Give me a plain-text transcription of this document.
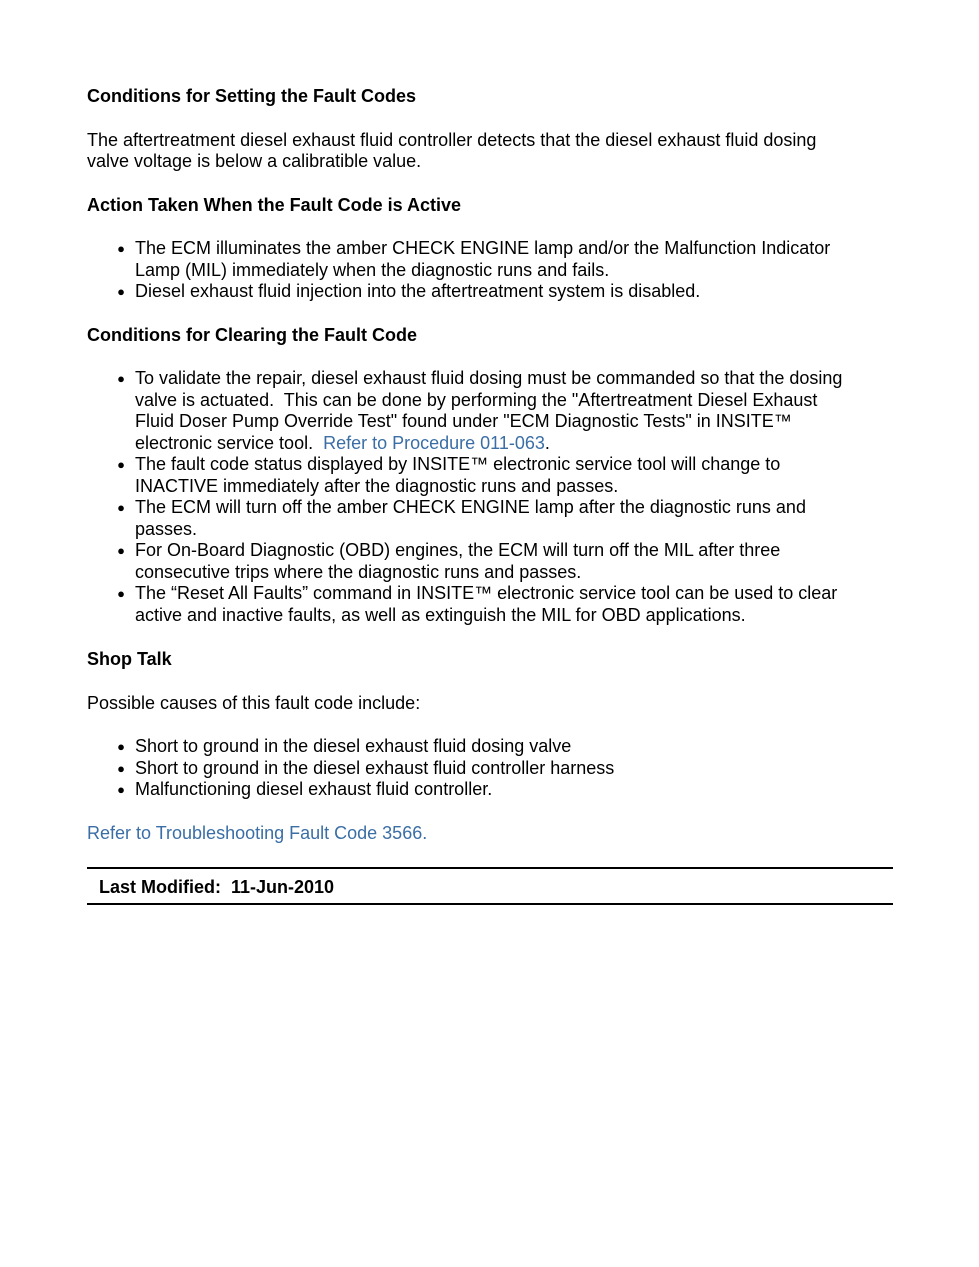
Conditions for Setting the Fault Codes

The aftertreatment diesel exhaust fluid controller detects that the diesel exhaust fluid dosing
valve voltage is below a calibratible value.

Action Taken When the Fault Code is Active

● The ECM illuminates the amber CHECK ENGINE lamp and/or the Malfunction Indicator
Lamp (MIL) immediately when the diagnostic runs and fails.
● Diesel exhaust fluid injection into the aftertreatment system is disabled.

Conditions for Clearing the Fault Code

● To validate the repair, diesel exhaust fluid dosing must be commanded so that the dosing
valve is actuated.  This can be done by performing the "Aftertreatment Diesel Exhaust
Fluid Doser Pump Override Test" found under "ECM Diagnostic Tests" in INSITE™
electronic service tool.  Refer to Procedure 011-063.
● The fault code status displayed by INSITE™ electronic service tool will change to
INACTIVE immediately after the diagnostic runs and passes.
● The ECM will turn off the amber CHECK ENGINE lamp after the diagnostic runs and
passes.
● For On-Board Diagnostic (OBD) engines, the ECM will turn off the MIL after three
consecutive trips where the diagnostic runs and passes.
● The “Reset All Faults” command in INSITE™ electronic service tool can be used to clear
active and inactive faults, as well as extinguish the MIL for OBD applications.

Shop Talk

Possible causes of this fault code include:

● Short to ground in the diesel exhaust fluid dosing valve
● Short to ground in the diesel exhaust fluid controller harness
● Malfunctioning diesel exhaust fluid controller.

Refer to Troubleshooting Fault Code 3566.

Last Modified:  11-Jun-2010
